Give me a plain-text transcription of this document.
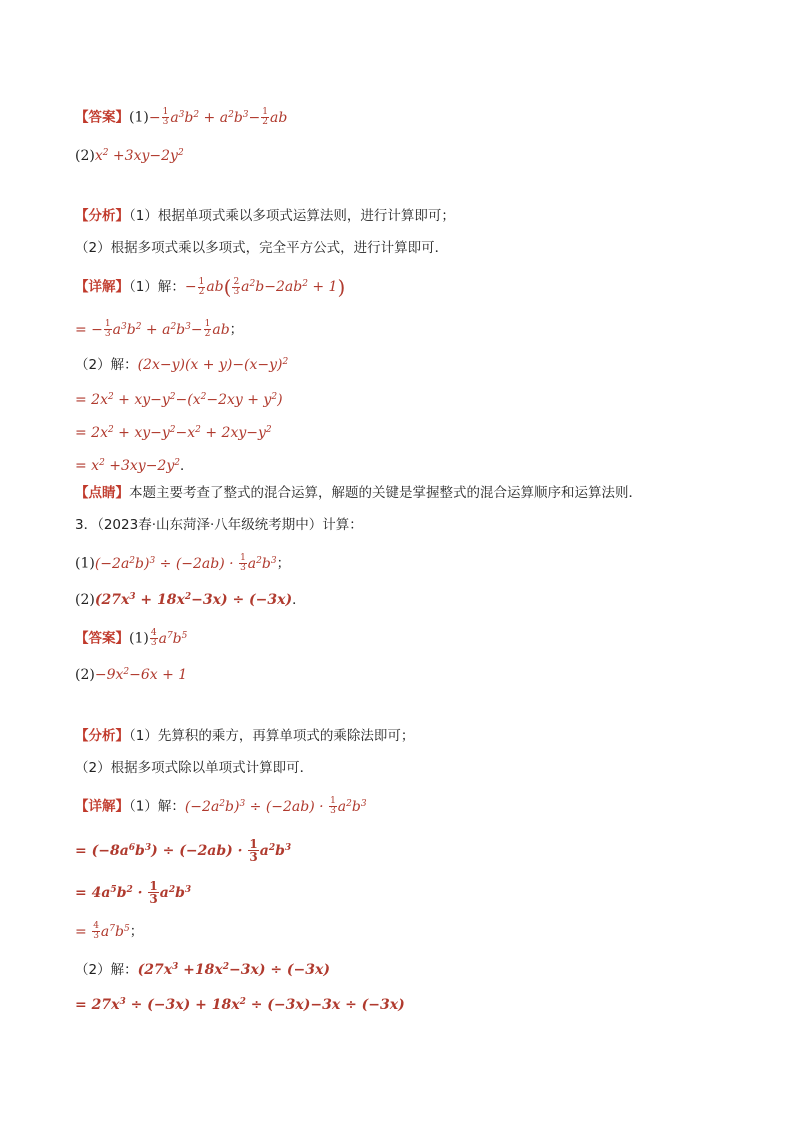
【答案】$(1)- \frac{1}{3} a^3b^2 + a^2b^3- \frac{1}{2}$ ab
$(2)x^2 +3xy-2y^2$
【分析】（1）根据单项式乘以多项式运算法则，进行计算即可；
（2）根据多项式乘以多项式，完全平方公式，进行计算即可．
【详解】（1）解：− $\frac{1}{2} ab( \frac{2}{3} a^2b-2ab^2 + 1)$
= − $\frac{1}{3} a^3b^2 + a^2b^3- \frac{1}{2}$ ab；
（2）解：$(2x-y)(x + y)-(x-y)^2$
= $2x^2 + xy-y^2-(x^2-2xy + y^2)$
= $2x^2 + xy-y^2-x^2 + 2xy-y^2$
= $x^2 +3xy-2y^2$．
【点睛】本题主要考查了整式的混合运算，解题的关键是掌握整式的混合运算顺序和运算法则．
3．（2023春·山东菏泽·八年级统考期中）计算：
$(1)(-2a^2b)^3 \div (-2ab) \cdot \frac{1}{3} a^2b^3$；
$(2)(27x^3 + 18x^2-3x) \div (-3x)$．
【答案】$(1) \frac{4}{3} a^7b^5$
$(2)-9x^2-6x + 1$
【分析】（1）先算积的乘方，再算单项式的乘除法即可；
（2）根据多项式除以单项式计算即可．
【详解】（1）解：$(-2a^2b)^3 \div (-2ab) \cdot \frac{1}{3} a^2b^3$
= $(-8a^6b^3) \div (-2ab) \cdot \frac{1}{3} a^2b^3$
= $4a^5b^2 \cdot \frac{1}{3} a^2b^3$
= $\frac{4}{3} a^7b^5$；
（2）解：$(27x^3 +18x^2-3x) \div (-3x)$
= $27x^3 \div (-3x) + 18x^2 \div (-3x)-3x \div (-3x)$
